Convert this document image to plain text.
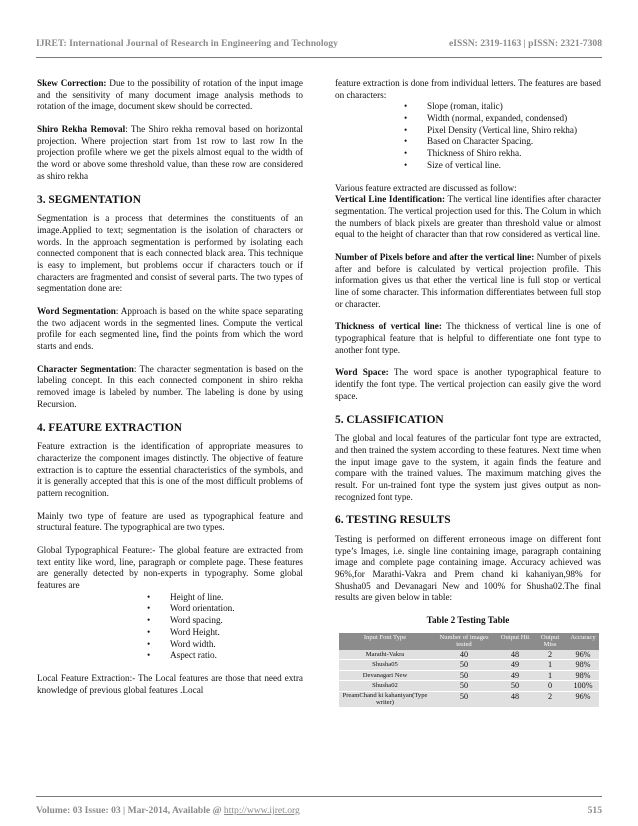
IJRET: International Journal of Research in Engineering and Technology	eISSN: 2319-1163 | pISSN: 2321-7308

Skew Correction: Due to the possibility of rotation of the input image and the sensitivity of many document image analysis methods to rotation of the image, document skew should be corrected.

Shiro Rekha Removal: The Shiro rekha removal based on horizontal projection. Where projection start from 1st row to last row In the projection profile where we get the pixels almost equal to the width of the word or above some threshold value, than these row are considered as shiro rekha

3. SEGMENTATION

Segmentation is a process that determines the constituents of an image.Applied to text; segmentation is the isolation of characters or words. In the approach segmentation is performed by isolating each connected component that is each connected black area. This technique is easy to implement, but problems occur if characters touch or if characters are fragmented and consist of several parts. The two types of segmentation done are:

Word Segmentation: Approach is based on the white space separating the two adjacent words in the segmented lines. Compute the vertical profile for each segmented line, find the points from which the word starts and ends.

Character Segmentation: The character segmentation is based on the labeling concept. In this each connected component in shiro rekha removed image is labeled by number. The labeling is done by using Recursion.

4. FEATURE EXTRACTION

Feature extraction is the identification of appropriate measures to characterize the component images distinctly. The objective of feature extraction is to capture the essential characteristics of the symbols, and it is generally accepted that this is one of the most difficult problems of pattern recognition.

Mainly two type of feature are used as typographical feature and structural feature. The typographical are two types.

Global Typographical Feature:- The global feature are extracted from text entity like word, line, paragraph or complete page. These features are generally detected by non-experts in typography. Some global features are

• Height of line.
• Word orientation.
• Word spacing.
• Word Height.
• Word width.
• Aspect ratio.

Local Feature Extraction:- The Local features are those that need extra knowledge of previous global features .Local

feature extraction is done from individual letters. The features are based on characters:

• Slope (roman, italic)
• Width (normal, expanded, condensed)
• Pixel Density (Vertical line, Shiro rekha)
• Based on Character Spacing.
• Thickness of Shiro rekha.
• Size of vertical line.

Various feature extracted are discussed as follow:

Vertical Line Identification: The vertical line identifies after character segmentation. The vertical projection used for this. The Colum in which the numbers of black pixels are greater than threshold value or almost equal to the height of character than that row considered as vertical line.

Number of Pixels before and after the vertical line: Number of pixels after and before is calculated by vertical projection profile. This information gives us that ether the vertical line is full stop or vertical line of some character. This information differentiates between full stop or character.

Thickness of vertical line: The thickness of vertical line is one of typographical feature that is helpful to differentiate one font type to another font type.

Word Space: The word space is another typographical feature to identify the font type. The vertical projection can easily give the word space.

5. CLASSIFICATION

The global and local features of the particular font type are extracted, and then trained the system according to these features. Next time when the input image gave to the system, it again finds the feature and compare with the trained values. The maximum matching gives the result. For un-trained font type the system just gives output as non-recognized font type.

6. TESTING RESULTS

Testing is performed on different erroneous image on different font type’s Images, i.e. single line containing image, paragraph containing image and complete page containing image. Accuracy achieved was 96%,for Marathi-Vakra and Prem chand ki kahaniyan,98% for Shusha05 and Devanagari New and 100% for Shusha02.The final results are given below in table:

Table 2 Testing Table

Input Font Type	Number of images tested	Output Hit	Output Miss	Accuracy
Marathi-Vakra	40	48	2	96%
Shusha05	50	49	1	98%
Devanagari New	50	49	1	98%
Shusha02	50	50	0	100%
PreamChand ki kahaniyan(Type writer)	50	48	2	96%
Volume: 03 Issue: 03 | Mar-2014, Available @ http://www.ijret.org	515
